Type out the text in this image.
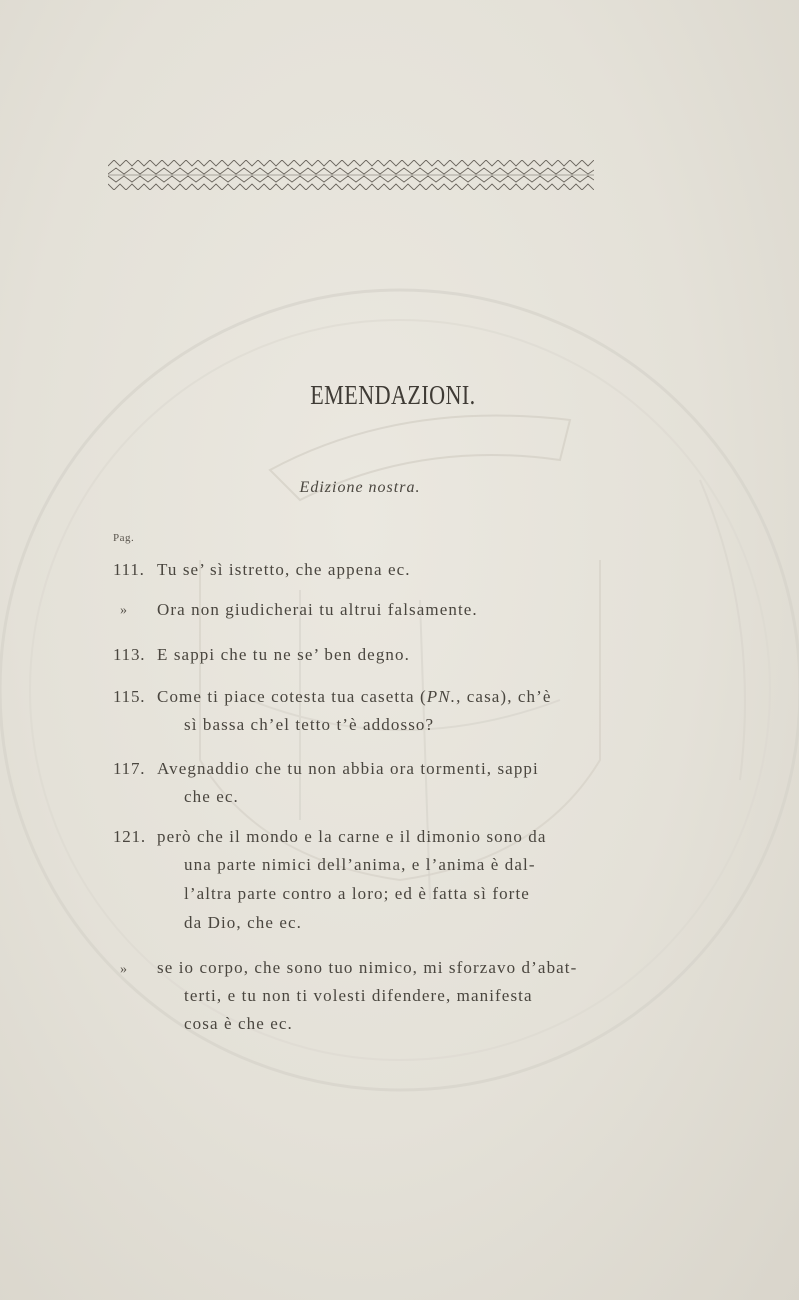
EMENDAZIONI.
Edizione nostra.
Pag.
111. Tu se’ sì istretto, che appena ec.
» Ora non giudicherai tu altrui falsamente.
113. E sappi che tu ne se’ ben degno.
115. Come ti piace cotesta tua casetta (PN., casa), ch’è
sì bassa ch’el tetto t’è addosso?
117. Avegnaddio che tu non abbia ora tormenti, sappi
che ec.
121. però che il mondo e la carne e il dimonio sono da
una parte nimici dell’anima, e l’anima è dal-
l’altra parte contro a loro; ed è fatta sì forte
da Dio, che ec.
» se io corpo, che sono tuo nimico, mi sforzavo d’abat-
terti, e tu non ti volesti difendere, manifesta
cosa è che ec.
